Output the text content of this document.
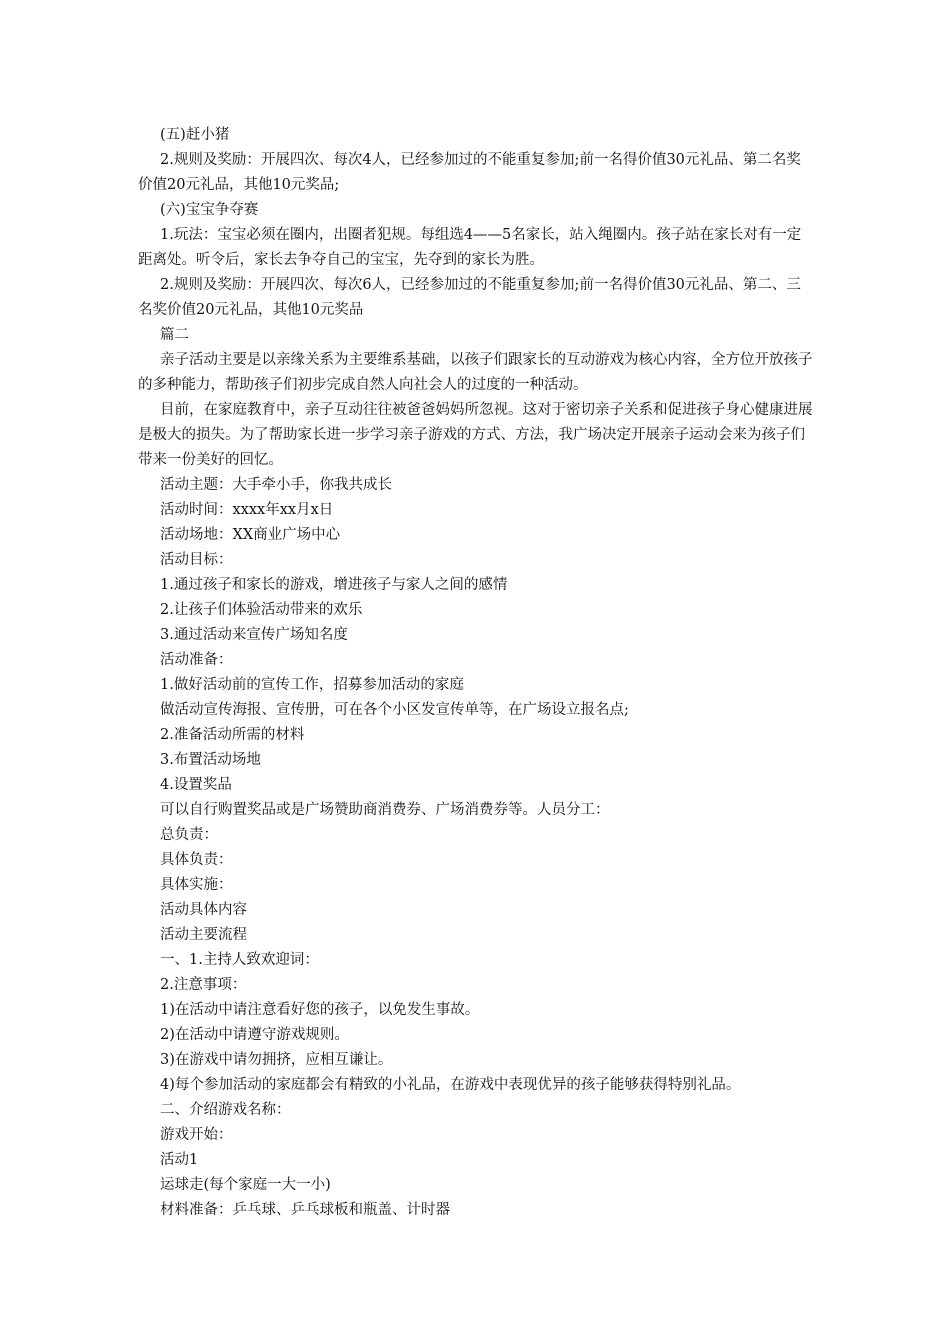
(五)赶小猪

2.规则及奖励：开展四次、每次4人，已经参加过的不能重复参加;前一名得价值30元礼品、第二名奖价值20元礼品，其他10元奖品;

(六)宝宝争夺赛

1.玩法：宝宝必须在圈内，出圈者犯规。每组选4——5名家长，站入绳圈内。孩子站在家长对有一定距离处。听令后，家长去争夺自己的宝宝，先夺到的家长为胜。

2.规则及奖励：开展四次、每次6人，已经参加过的不能重复参加;前一名得价值30元礼品、第二、三名奖价值20元礼品，其他10元奖品

篇二

亲子活动主要是以亲缘关系为主要维系基础，以孩子们跟家长的互动游戏为核心内容，全方位开放孩子的多种能力，帮助孩子们初步完成自然人向社会人的过度的一种活动。

目前，在家庭教育中，亲子互动往往被爸爸妈妈所忽视。这对于密切亲子关系和促进孩子身心健康进展是极大的损失。为了帮助家长进一步学习亲子游戏的方式、方法，我广场决定开展亲子运动会来为孩子们带来一份美好的回忆。

活动主题：大手牵小手，你我共成长

活动时间：xxxx年xx月x日

活动场地：XX商业广场中心

活动目标：

1.通过孩子和家长的游戏，增进孩子与家人之间的感情

2.让孩子们体验活动带来的欢乐

3.通过活动来宣传广场知名度

活动准备：

1.做好活动前的宣传工作，招募参加活动的家庭

做活动宣传海报、宣传册，可在各个小区发宣传单等，在广场设立报名点;

2.准备活动所需的材料

3.布置活动场地

4.设置奖品

可以自行购置奖品或是广场赞助商消费券、广场消费券等。人员分工：

总负责：

具体负责：

具体实施：

活动具体内容

活动主要流程

一、1.主持人致欢迎词：

2.注意事项：

1)在活动中请注意看好您的孩子，以免发生事故。

2)在活动中请遵守游戏规则。

3)在游戏中请勿拥挤，应相互谦让。

4)每个参加活动的家庭都会有精致的小礼品，在游戏中表现优异的孩子能够获得特别礼品。

二、介绍游戏名称：

游戏开始：

活动1

运球走(每个家庭一大一小)

材料准备：乒乓球、乒乓球板和瓶盖、计时器
